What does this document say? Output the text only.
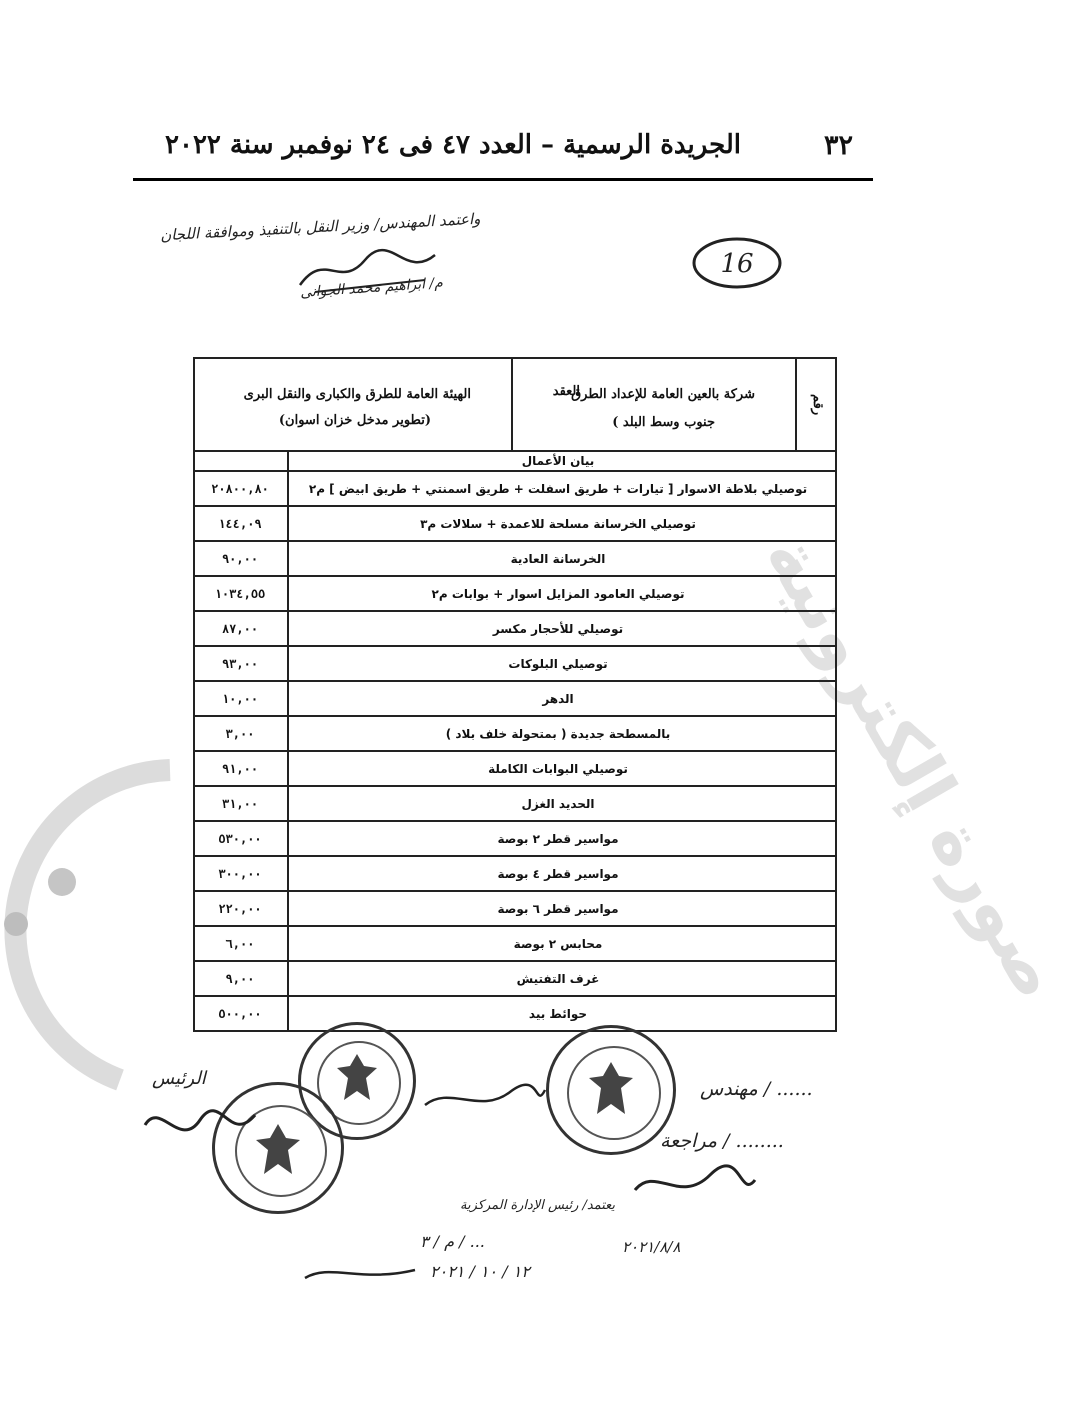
٣٢
الجريدة الرسمية – العدد ٤٧ فى ٢٤ نوفمبر سنة ٢٠٢٢
واعتمد المهندس/ وزير النقل بالتنفيذ وموافقة اللجان
م/ ابراهيم محمد الجوانى
16
صورة إلكترونية
رقم
شركة بالعين العامة للإعداد الطرق
جنوب وسط البلد )
العقد
الهيئة العامة للطرق والكبارى والنقل البرى
(تطوير مدخل خزان اسوان)
بيان الأعمال
توصيلي بلاطة الاسوار [ تيارات + طريق اسفلت + طريق اسمنتي + طريق ابيض ] م٢
٢٠٨٠٠,٨٠
توصيلي الخرسانة مسلحة للاعمدة + سلالات م٣
١٤٤,٠٩
الخرسانة العادية
٩٠,٠٠
توصيلي العامود المزايل اسوار + بوابات م٢
١٠٣٤,٥٥
توصيلي للأحجار مكسر
٨٧,٠٠
توصيلي البلوكات
٩٣,٠٠
الدهر
١٠,٠٠
بالمسطحة جديدة ( بمتحولة خلف بلاد )
٣,٠٠
توصيلي البوابات الكاملة
٩١,٠٠
الحديد الغزل
٣١,٠٠
مواسير قطر ٢ بوصة
٥٣٠,٠٠
مواسير قطر ٤ بوصة
٣٠٠,٠٠
مواسير قطر ٦ بوصة
٢٢٠,٠٠
محابس ٢ بوصة
٦,٠٠
غرف التفتيش
٩,٠٠
حوائط بيد
٥٠٠,٠٠
الرئيس	مهندس / ......
مراجعة / ........
يعتمد/ رئيس الإدارة المركزية
م / ٣ / ...
١٢ / ١٠ / ٢٠٢١
٢٠٢١/٨/٨
